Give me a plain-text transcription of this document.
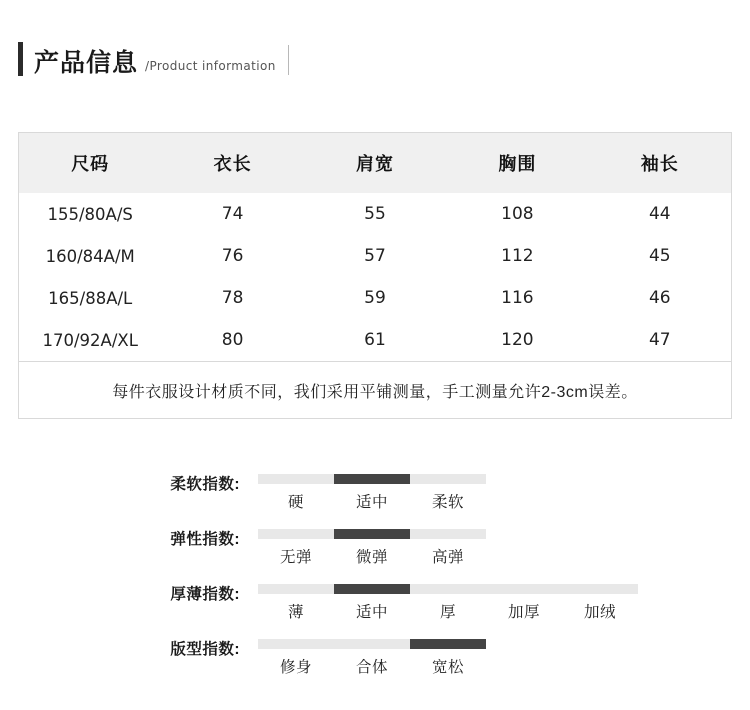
产品信息 /Product information
尺码	衣长	肩宽	胸围	袖长
155/80A/S	74	55	108	44
160/84A/M	76	57	112	45
165/88A/L	78	59	116	46
170/92A/XL	80	61	120	47
每件衣服设计材质不同，我们采用平铺测量，手工测量允许2-3cm误差。
柔软指数:
硬	适中	柔软
弹性指数:
无弹	微弹	高弹
厚薄指数:
薄	适中	厚	加厚	加绒
版型指数:
修身	合体	宽松
